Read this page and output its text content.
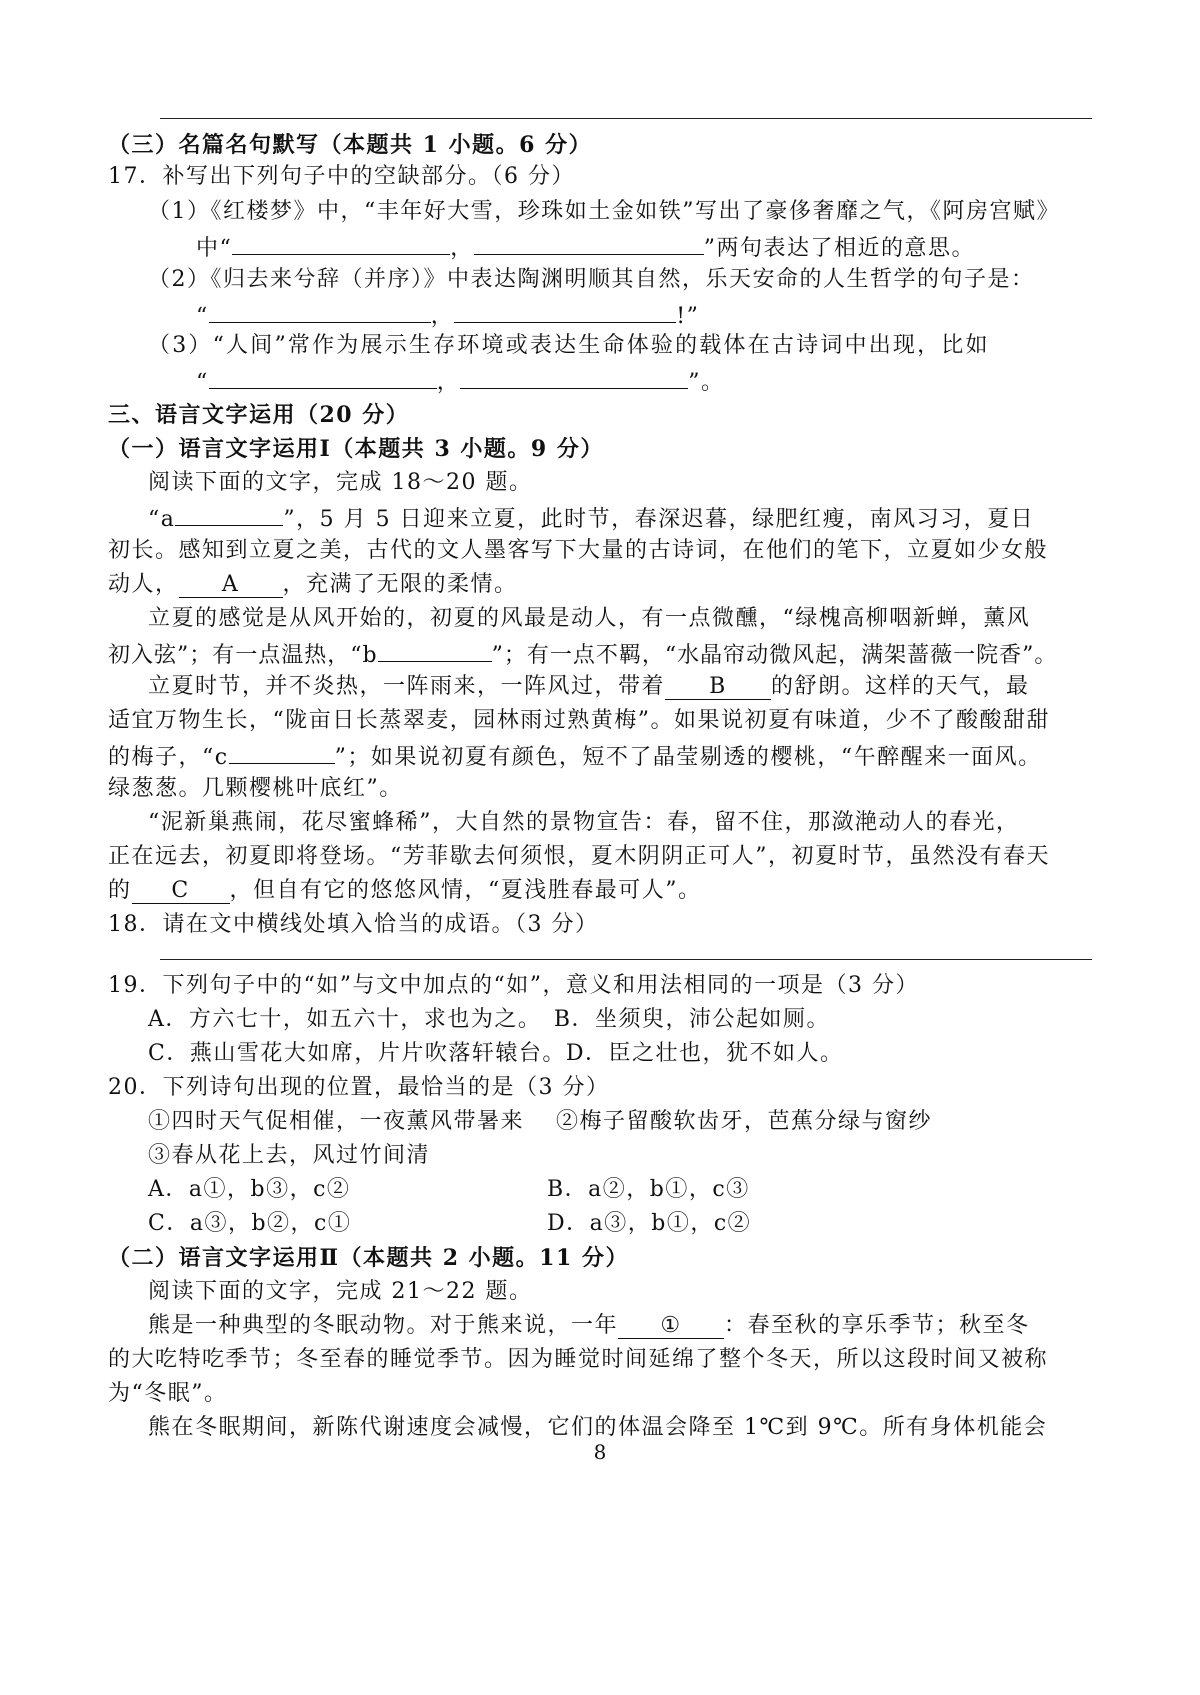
（三）名篇名句默写（本题共 1 小题。6 分）
17．补写出下列句子中的空缺部分。（6 分）
（1）《红楼梦》中，“丰年好大雪，珍珠如土金如铁”写出了豪侈奢靡之气，《阿房宫赋》
中“	，	”两句表达了相近的意思。
（2）《归去来兮辞（并序）》中表达陶渊明顺其自然，乐天安命的人生哲学的句子是：
“	，	!”
（3）“人间”常作为展示生存环境或表达生命体验的载体在古诗词中出现，比如
“	，	”。
三、语言文字运用（20 分）
（一）语言文字运用Ⅰ（本题共 3 小题。9 分）
阅读下面的文字，完成 18～20 题。
“a	”，5 月 5 日迎来立夏，此时节，春深迟暮，绿肥红瘦，南风习习，夏日
初长。感知到立夏之美，古代的文人墨客写下大量的古诗词，在他们的笔下，立夏如少女般
动人， A ，充满了无限的柔情。
立夏的感觉是从风开始的，初夏的风最是动人，有一点微醺，“绿槐高柳咽新蝉，薰风
初入弦”；有一点温热，“b	”；有一点不羁，“水晶帘动微风起，满架蔷薇一院香”。
立夏时节，并不炎热，一阵雨来，一阵风过，带着 B 的舒朗。这样的天气，最
适宜万物生长，“陇亩日长蒸翠麦，园林雨过熟黄梅”。如果说初夏有味道，少不了酸酸甜甜
的梅子，“c	”；如果说初夏有颜色，短不了晶莹剔透的樱桃，“午醉醒来一面风。
绿葱葱。几颗樱桃叶底红”。
“泥新巢燕闹，花尽蜜蜂稀”，大自然的景物宣告：春，留不住，那潋滟动人的春光，
正在远去，初夏即将登场。“芳菲歇去何须恨，夏木阴阴正可人”，初夏时节，虽然没有春天
的 C ，但自有它的悠悠风情，“夏浅胜春最可人”。
18．请在文中横线处填入恰当的成语。（3 分）
19．下列句子中的“如”与文中加点的“如”，意义和用法相同的一项是（3 分）
A．方六七十，如五六十，求也为之。　B．坐须臾，沛公起如厕。
C．燕山雪花大如席，片片吹落轩辕台。D．臣之壮也，犹不如人。
20．下列诗句出现的位置，最恰当的是（3 分）
①四时天气促相催，一夜薰风带暑来　 ②梅子留酸软齿牙，芭蕉分绿与窗纱
③春从花上去，风过竹间清
A．a①，b③，c②	B．a②，b①，c③
C．a③，b②，c①	D．a③，b①，c②
（二）语言文字运用Ⅱ（本题共 2 小题。11 分）
阅读下面的文字，完成 21～22 题。
熊是一种典型的冬眠动物。对于熊来说，一年 ① ：春至秋的享乐季节；秋至冬
的大吃特吃季节；冬至春的睡觉季节。因为睡觉时间延绵了整个冬天，所以这段时间又被称
为“冬眠”。
熊在冬眠期间，新陈代谢速度会减慢，它们的体温会降至 1℃到 9℃。所有身体机能会
8
